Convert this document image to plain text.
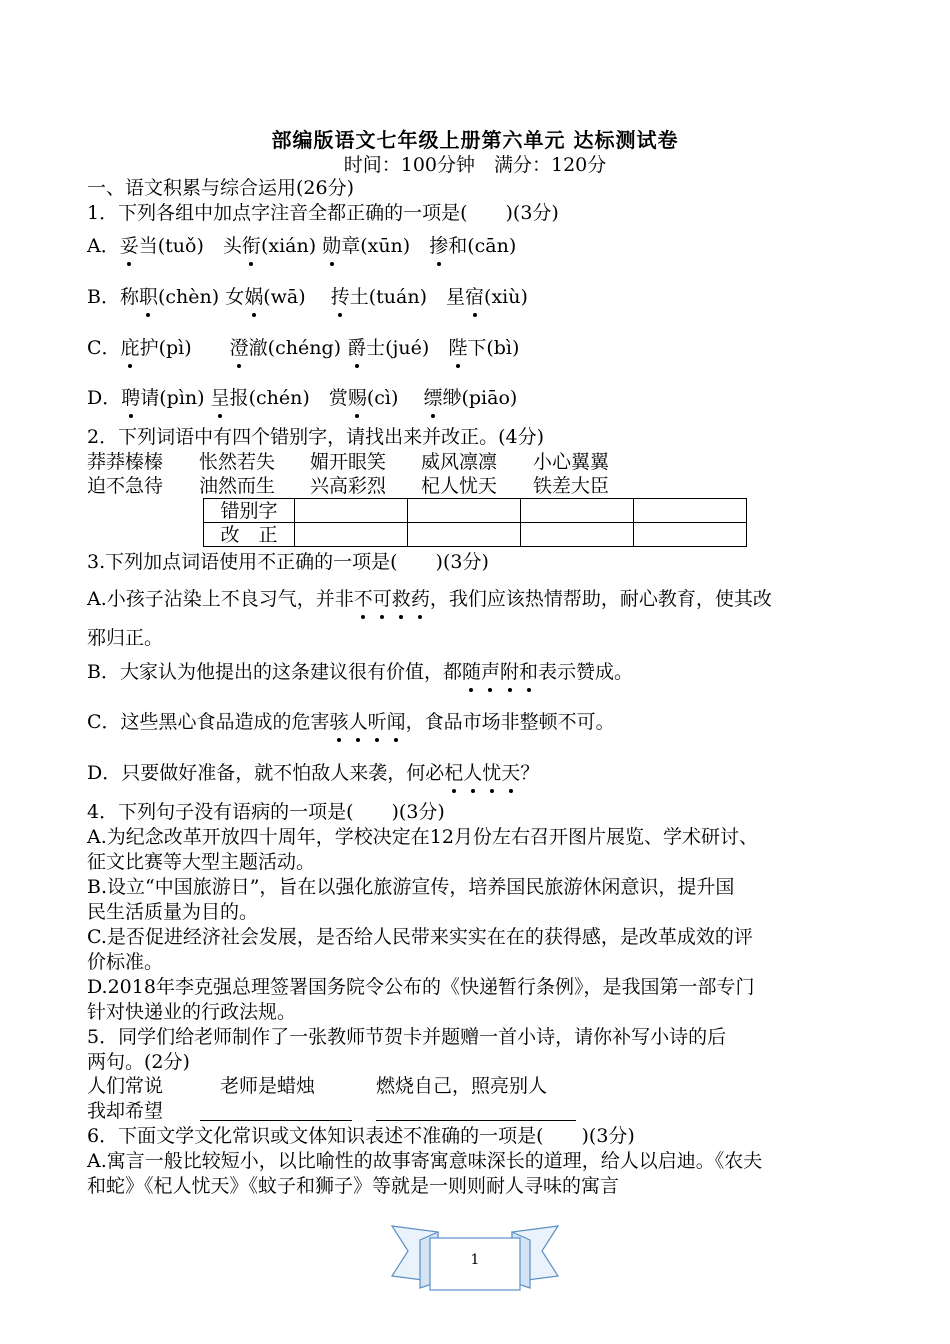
部编版语文七年级上册第六单元 达标测试卷
时间：100分钟　满分：120分
一、语文积累与综合运用(26分)
1．下列各组中加点字注音全都正确的一项是(　　)(3分)
A．妥当(tuǒ)　 头衔(xián) 勋章(xūn)　 掺和(cān)
B．称职(chèn) 女娲(wā)　 抟土(tuán)　 星宿(xiù)
C．庇护(pì)　　 澄澈(chéng) 爵士(jué)　 陛下(bì)
D．聘请(pìn) 呈报(chén)　 赏赐(cì)　 缥缈(piāo)
2．下列词语中有四个错别字，请找出来并改正。(4分)
莽莽榛榛 怅然若失 媚开眼笑 威风凛凛 小心翼翼
迫不急待 油然而生 兴高彩烈 杞人忧天 铁差大臣
错别字				
改　正				
3.下列加点词语使用不正确的一项是(　　)(3分)
A.小孩子沾染上不良习气，并非不可救药，我们应该热情帮助，耐心教育，使其改
邪归正。
B．大家认为他提出的这条建议很有价值，都随声附和表示赞成。
C．这些黑心食品造成的危害骇人听闻，食品市场非整顿不可。
D．只要做好准备，就不怕敌人来袭，何必杞人忧天？
4．下列句子没有语病的一项是(　　)(3分)
A.为纪念改革开放四十周年，学校决定在12月份左右召开图片展览、学术研讨、
征文比赛等大型主题活动。
B.设立“中国旅游日”，旨在以强化旅游宣传，培养国民旅游休闲意识，提升国
民生活质量为目的。
C.是否促进经济社会发展，是否给人民带来实实在在的获得感，是改革成效的评
价标准。
D.2018年李克强总理签署国务院令公布的《快递暂行条例》，是我国第一部专门
针对快递业的行政法规。
5．同学们给老师制作了一张教师节贺卡并题赠一首小诗，请你补写小诗的后
两句。(2分)
人们常说	老师是蜡烛	燃烧自己，照亮别人
我却希望
6．下面文学文化常识或文体知识表述不准确的一项是(　　)(3分)
A.寓言一般比较短小，以比喻性的故事寄寓意味深长的道理，给人以启迪。《农夫
和蛇》《杞人忧天》《蚊子和狮子》等就是一则则耐人寻味的寓言
1
